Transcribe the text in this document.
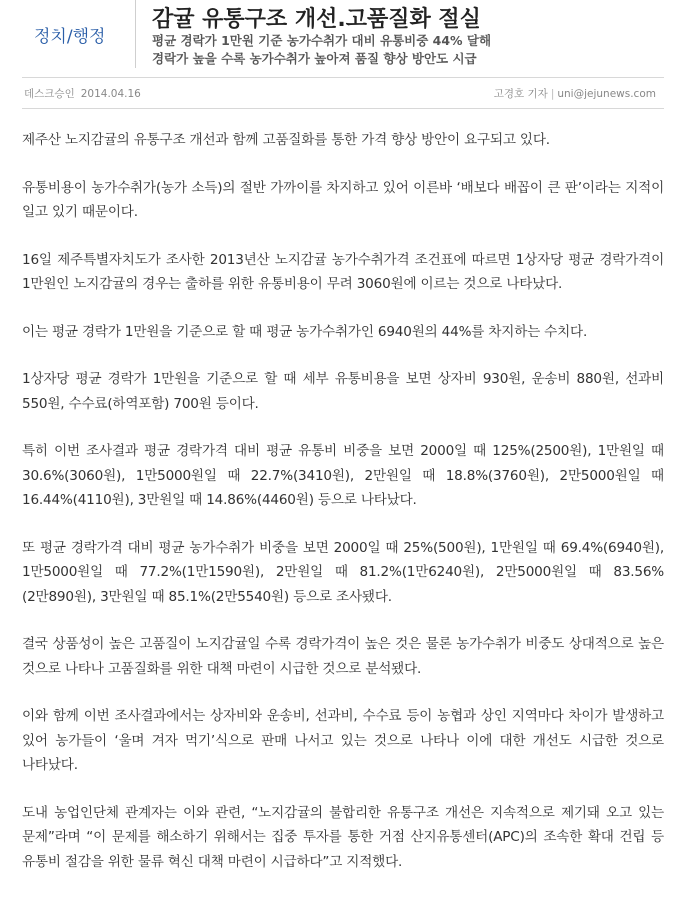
정치/행정
감귤 유통구조 개선.고품질화 절실
평균 경락가 1만원 기준 농가수취가 대비 유통비중 44% 달해
경락가 높을 수록 농가수취가 높아져 품질 향상 방안도 시급
데스크승인 2014.04.16	고경호 기자 | uni@jejunews.com

제주산 노지감귤의 유통구조 개선과 함께 고품질화를 통한 가격 향상 방안이 요구되고 있다.

유통비용이 농가수취가(농가 소득)의 절반 가까이를 차지하고 있어 이른바 ‘배보다 배꼽이 큰 판’이라는 지적이 일고 있기 때문이다.

16일 제주특별자치도가 조사한 2013년산 노지감귤 농가수취가격 조건표에 따르면 1상자당 평균 경락가격이 1만원인 노지감귤의 경우는 출하를 위한 유통비용이 무려 3060원에 이르는 것으로 나타났다.

이는 평균 경락가 1만원을 기준으로 할 때 평균 농가수취가인 6940원의 44%를 차지하는 수치다.

1상자당 평균 경락가 1만원을 기준으로 할 때 세부 유통비용을 보면 상자비 930원, 운송비 880원, 선과비 550원, 수수료(하역포함) 700원 등이다.

특히 이번 조사결과 평균 경락가격 대비 평균 유통비 비중을 보면 2000일 때 125%(2500원), 1만원일 때 30.6%(3060원), 1만5000원일 때 22.7%(3410원), 2만원일 때 18.8%(3760원), 2만5000원일 때 16.44%(4110원), 3만원일 때 14.86%(4460원) 등으로 나타났다.

또 평균 경락가격 대비 평균 농가수취가 비중을 보면 2000일 때 25%(500원), 1만원일 때 69.4%(6940원), 1만5000원일 때 77.2%(1만1590원), 2만원일 때 81.2%(1만6240원), 2만5000원일 때 83.56%(2만890원), 3만원일 때 85.1%(2만5540원) 등으로 조사됐다.

결국 상품성이 높은 고품질이 노지감귤일 수록 경락가격이 높은 것은 물론 농가수취가 비중도 상대적으로 높은 것으로 나타나 고품질화를 위한 대책 마련이 시급한 것으로 분석됐다.

이와 함께 이번 조사결과에서는 상자비와 운송비, 선과비, 수수료 등이 농협과 상인 지역마다 차이가 발생하고 있어 농가들이 ‘울며 겨자 먹기’식으로 판매 나서고 있는 것으로 나타나 이에 대한 개선도 시급한 것으로 나타났다.

도내 농업인단체 관계자는 이와 관련, “노지감귤의 불합리한 유통구조 개선은 지속적으로 제기돼 오고 있는 문제”라며 “이 문제를 해소하기 위해서는 집중 투자를 통한 거점 산지유통센터(APC)의 조속한 확대 건립 등 유통비 절감을 위한 물류 혁신 대책 마련이 시급하다”고 지적했다.
